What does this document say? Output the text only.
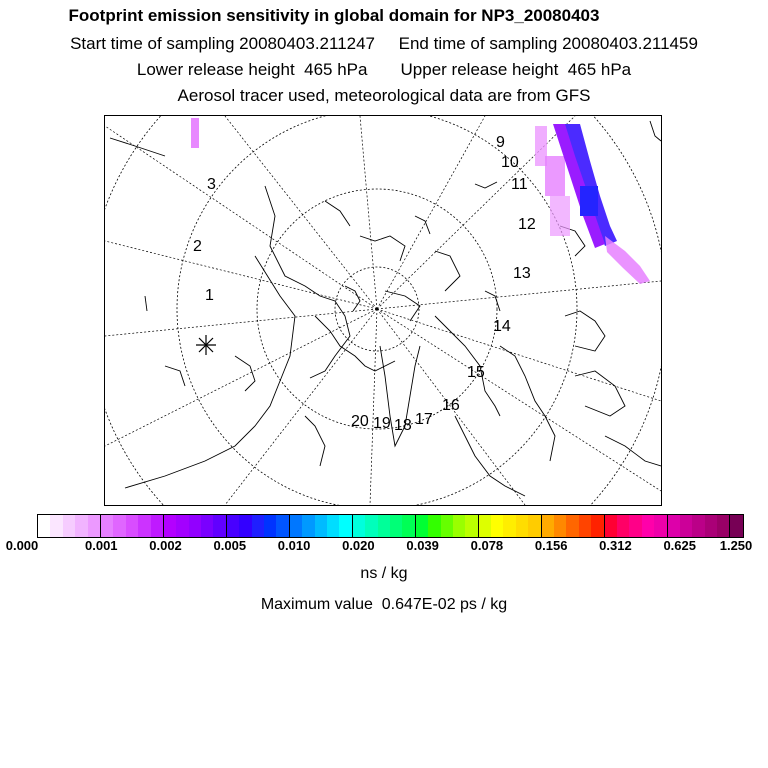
Footprint emission sensitivity in global domain for NP3_20080403
Start time of sampling 20080403.211247     End time of sampling 20080403.211459
Lower release height  465 hPa       Upper release height  465 hPa
Aerosol tracer used, meteorological data are from GFS
1
2
3
9
10
11
12
13
14
15
16
17
18
19
20
0.000	0.001 0.002 0.005 0.010 0.020 0.039 0.078 0.156 0.312 0.625 1.250
ns / kg
Maximum value  0.647E-02 ps / kg
